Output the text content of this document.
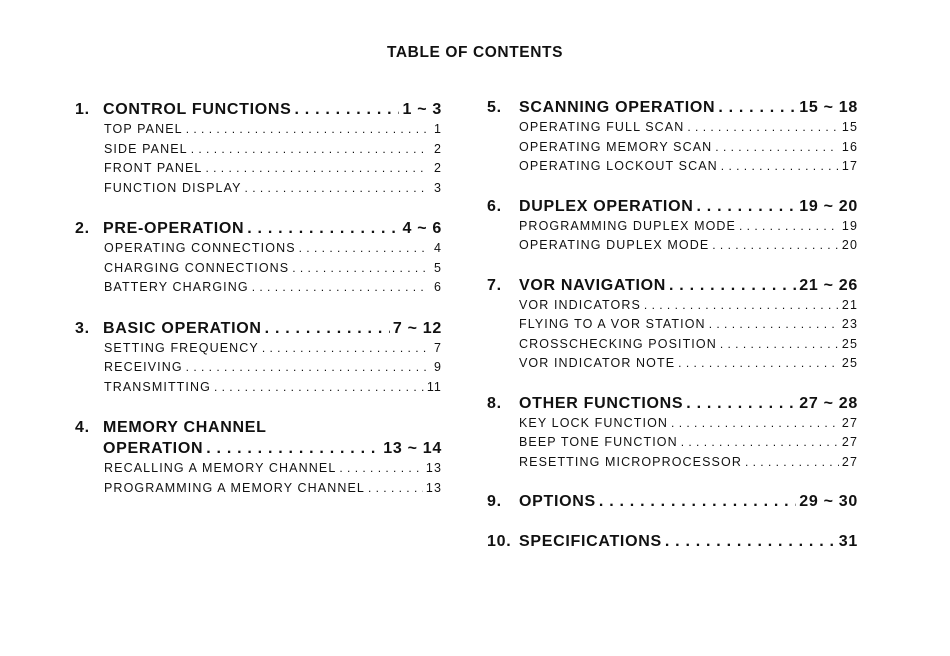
TABLE OF CONTENTS
1. CONTROL FUNCTIONS . . .	1 ~ 3
TOP PANEL . . .	1
SIDE PANEL . . .	2
FRONT PANEL . . .	2
FUNCTION DISPLAY . . .	3
2. PRE-OPERATION . . .	4 ~ 6
OPERATING CONNECTIONS . . .	4
CHARGING CONNECTIONS . . .	5
BATTERY CHARGING . . .	6
3. BASIC OPERATION . . .	7 ~ 12
SETTING FREQUENCY . . .	7
RECEIVING . . .	9
TRANSMITTING . . .	11
4. MEMORY CHANNEL
OPERATION . . .	13 ~ 14
RECALLING A MEMORY CHANNEL . . .	13
PROGRAMMING A MEMORY CHANNEL . . .	13
5.	SCANNING OPERATION . . .	15 ~ 18
OPERATING FULL SCAN . . .	15
OPERATING MEMORY SCAN . . .	16
OPERATING LOCKOUT SCAN . . .	17
6.	DUPLEX OPERATION . . .	19 ~ 20
PROGRAMMING DUPLEX MODE . . .	19
OPERATING DUPLEX MODE . . .	20
7.	VOR NAVIGATION . . .	21 ~ 26
VOR INDICATORS . . .	21
FLYING TO A VOR STATION . . .	23
CROSSCHECKING POSITION . . .	25
VOR INDICATOR NOTE . . .	25
8.	OTHER FUNCTIONS . . .	27 ~ 28
KEY LOCK FUNCTION . . .	27
BEEP TONE FUNCTION . . .	27
RESETTING MICROPROCESSOR . . .	27
9.	OPTIONS . . .	29 ~ 30
10. SPECIFICATIONS . . .	31
